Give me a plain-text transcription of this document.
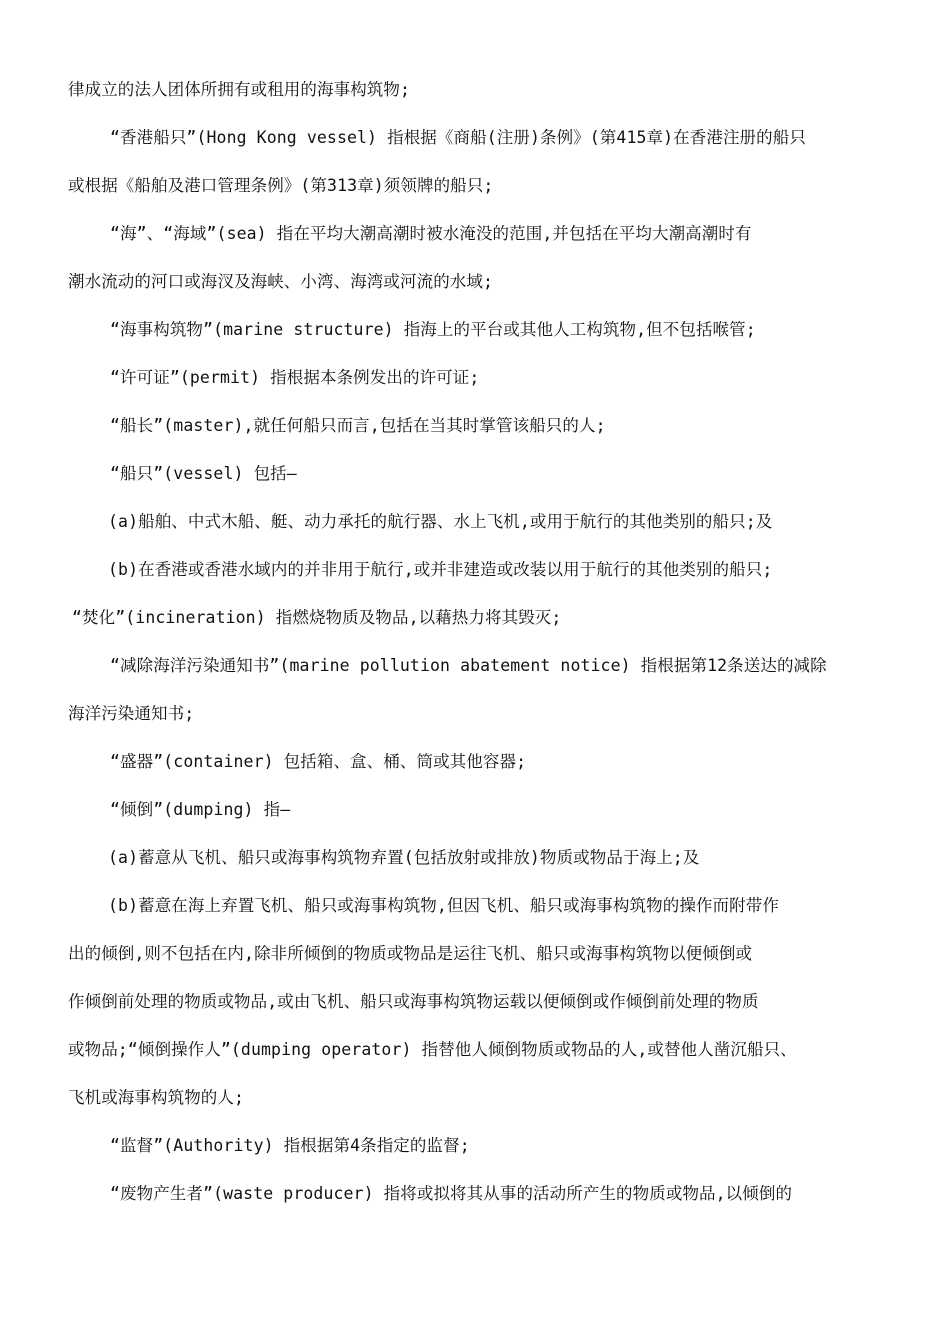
律成立的法人团体所拥有或租用的海事构筑物;
“香港船只”(Hong Kong vessel) 指根据《商船(注册)条例》(第415章)在香港注册的船只
或根据《船舶及港口管理条例》(第313章)须领牌的船只;
“海”、“海域”(sea) 指在平均大潮高潮时被水淹没的范围,并包括在平均大潮高潮时有
潮水流动的河口或海汊及海峡、小湾、海湾或河流的水域;
“海事构筑物”(marine structure) 指海上的平台或其他人工构筑物,但不包括喉管;
“许可证”(permit) 指根据本条例发出的许可证;
“船长”(master),就任何船只而言,包括在当其时掌管该船只的人;
“船只”(vessel) 包括—
(a)船舶、中式木船、艇、动力承托的航行器、水上飞机,或用于航行的其他类别的船只;及
(b)在香港或香港水域内的并非用于航行,或并非建造或改装以用于航行的其他类别的船只;
“焚化”(incineration) 指燃烧物质及物品,以藉热力将其毁灭;
“减除海洋污染通知书”(marine pollution abatement notice) 指根据第12条送达的减除
海洋污染通知书;
“盛器”(container) 包括箱、盒、桶、筒或其他容器;
“倾倒”(dumping) 指—
(a)蓄意从飞机、船只或海事构筑物弃置(包括放射或排放)物质或物品于海上;及
(b)蓄意在海上弃置飞机、船只或海事构筑物,但因飞机、船只或海事构筑物的操作而附带作
出的倾倒,则不包括在内,除非所倾倒的物质或物品是运往飞机、船只或海事构筑物以便倾倒或
作倾倒前处理的物质或物品,或由飞机、船只或海事构筑物运载以便倾倒或作倾倒前处理的物质
或物品;“倾倒操作人”(dumping operator) 指替他人倾倒物质或物品的人,或替他人凿沉船只、
飞机或海事构筑物的人;
“监督”(Authority) 指根据第4条指定的监督;
“废物产生者”(waste producer) 指将或拟将其从事的活动所产生的物质或物品,以倾倒的
